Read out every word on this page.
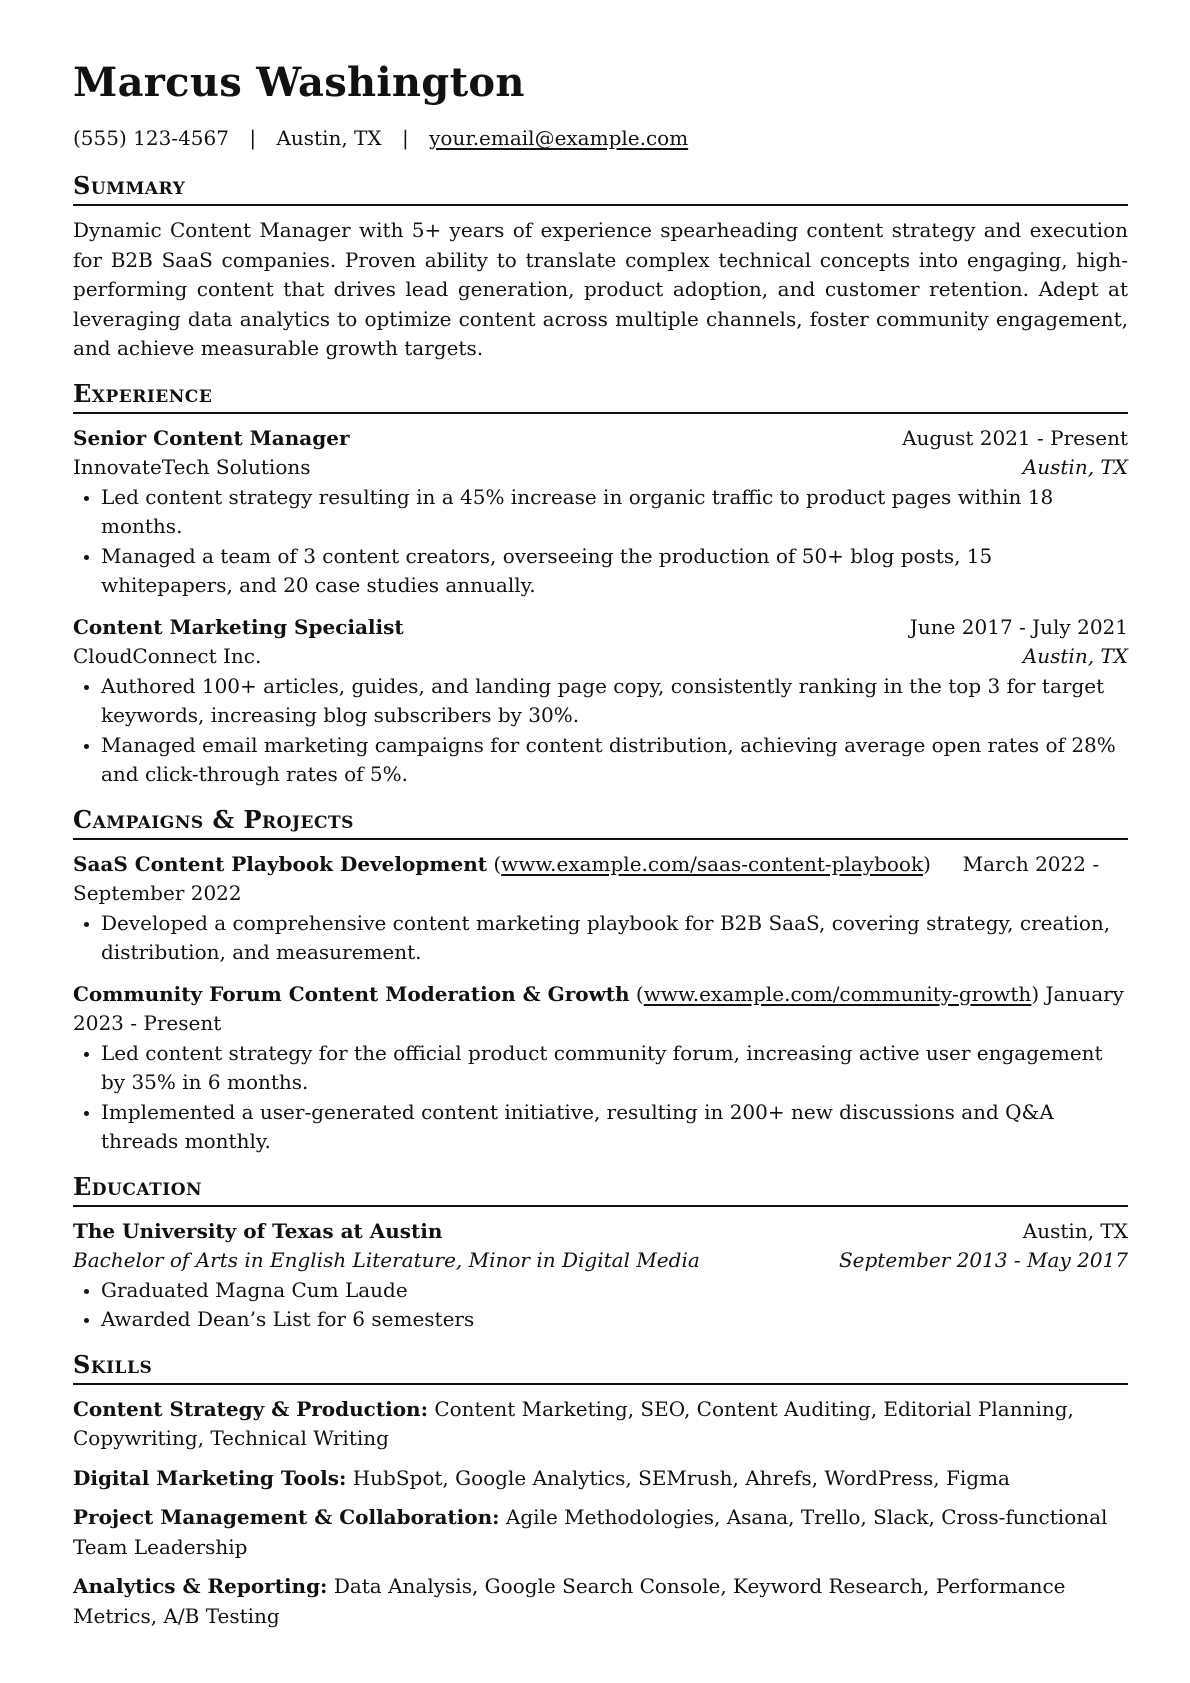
Marcus Washington
(555) 123-4567 | Austin, TX | your.email@example.com
Summary
Dynamic Content Manager with 5+ years of experience spearheading content strategy and execution for B2B SaaS companies. Proven ability to translate complex technical concepts into engaging, high-performing content that drives lead generation, product adoption, and customer retention. Adept at leveraging data analytics to optimize content across multiple channels, foster community engagement, and achieve measurable growth targets.
Experience
Senior Content Manager	August 2021 - Present
InnovateTech Solutions	Austin, TX
• Led content strategy resulting in a 45% increase in organic traffic to product pages within 18 months.
• Managed a team of 3 content creators, overseeing the production of 50+ blog posts, 15 whitepapers, and 20 case studies annually.
Content Marketing Specialist	June 2017 - July 2021
CloudConnect Inc.	Austin, TX
• Authored 100+ articles, guides, and landing page copy, consistently ranking in the top 3 for target keywords, increasing blog subscribers by 30%.
• Managed email marketing campaigns for content distribution, achieving average open rates of 28% and click-through rates of 5%.
Campaigns & Projects
SaaS Content Playbook Development (www.example.com/saas-content-playbook)     March 2022 - September 2022
• Developed a comprehensive content marketing playbook for B2B SaaS, covering strategy, creation, distribution, and measurement.
Community Forum Content Moderation & Growth (www.example.com/community-growth) January 2023 - Present
• Led content strategy for the official product community forum, increasing active user engagement by 35% in 6 months.
• Implemented a user-generated content initiative, resulting in 200+ new discussions and Q&A threads monthly.
Education
The University of Texas at Austin	Austin, TX
Bachelor of Arts in English Literature, Minor in Digital Media	September 2013 - May 2017
• Graduated Magna Cum Laude
• Awarded Dean’s List for 6 semesters
Skills
Content Strategy & Production: Content Marketing, SEO, Content Auditing, Editorial Planning, Copywriting, Technical Writing
Digital Marketing Tools: HubSpot, Google Analytics, SEMrush, Ahrefs, WordPress, Figma
Project Management & Collaboration: Agile Methodologies, Asana, Trello, Slack, Cross-functional Team Leadership
Analytics & Reporting: Data Analysis, Google Search Console, Keyword Research, Performance Metrics, A/B Testing
